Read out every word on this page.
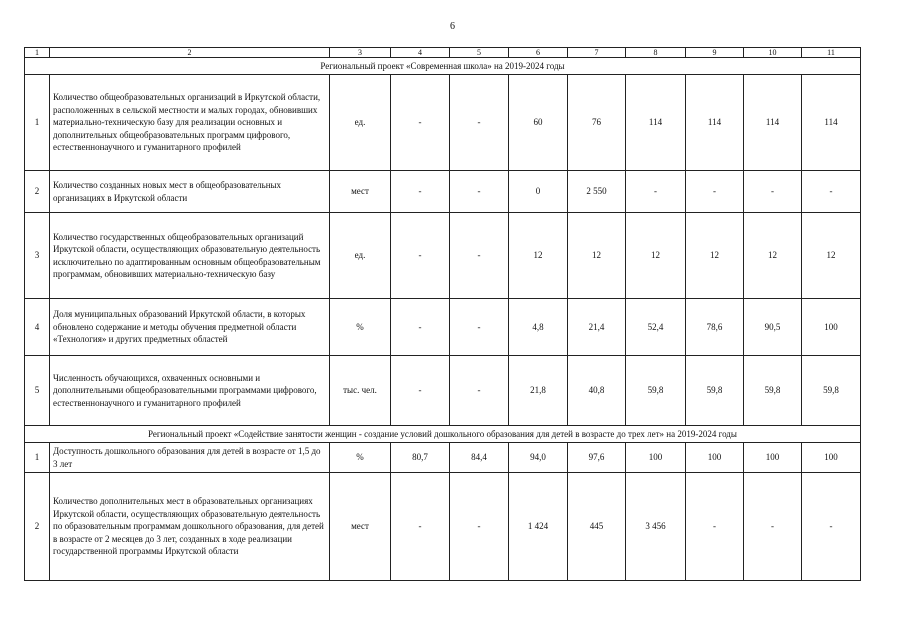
6
1	2	3	4	5	6	7	8	9	10	11
Региональный проект «Современная школа» на 2019-2024 годы										
1	Количество общеобразовательных организаций в Иркутской области, расположенных в сельской местности и малых городах, обновивших материально-техническую базу для реализации основных и дополнительных общеобразовательных программ цифрового, естественнонаучного и гуманитарного профилей	ед.	-	-	60	76	114	114	114	114
2	Количество созданных новых мест в общеобразовательных организациях в Иркутской области	мест	-	-	0	2 550	-	-	-	-
3	Количество государственных общеобразовательных организаций Иркутской области, осуществляющих образовательную деятельность исключительно по адаптированным основным общеобразовательным программам, обновивших материально-техническую базу	ед.	-	-	12	12	12	12	12	12
4	Доля муниципальных образований Иркутской области, в которых обновлено содержание и методы обучения предметной области «Технология» и других предметных областей	%	-	-	4,8	21,4	52,4	78,6	90,5	100
5	Численность обучающихся, охваченных основными и дополнительными общеобразовательными программами цифрового, естественнонаучного и гуманитарного профилей	тыс. чел.	-	-	21,8	40,8	59,8	59,8	59,8	59,8
Региональный проект «Содействие занятости женщин - создание условий дошкольного образования для детей в возрасте до трех лет» на 2019-2024 годы										
1	Доступность дошкольного образования для детей в возрасте от 1,5 до 3 лет	%	80,7	84,4	94,0	97,6	100	100	100	100
2	Количество дополнительных мест в образовательных организациях Иркутской области, осуществляющих образовательную деятельность по образовательным программам дошкольного образования, для детей в возрасте от 2 месяцев до 3 лет, созданных в ходе реализации государственной программы Иркутской области	мест	-	-	1 424	445	3 456	-	-	-
